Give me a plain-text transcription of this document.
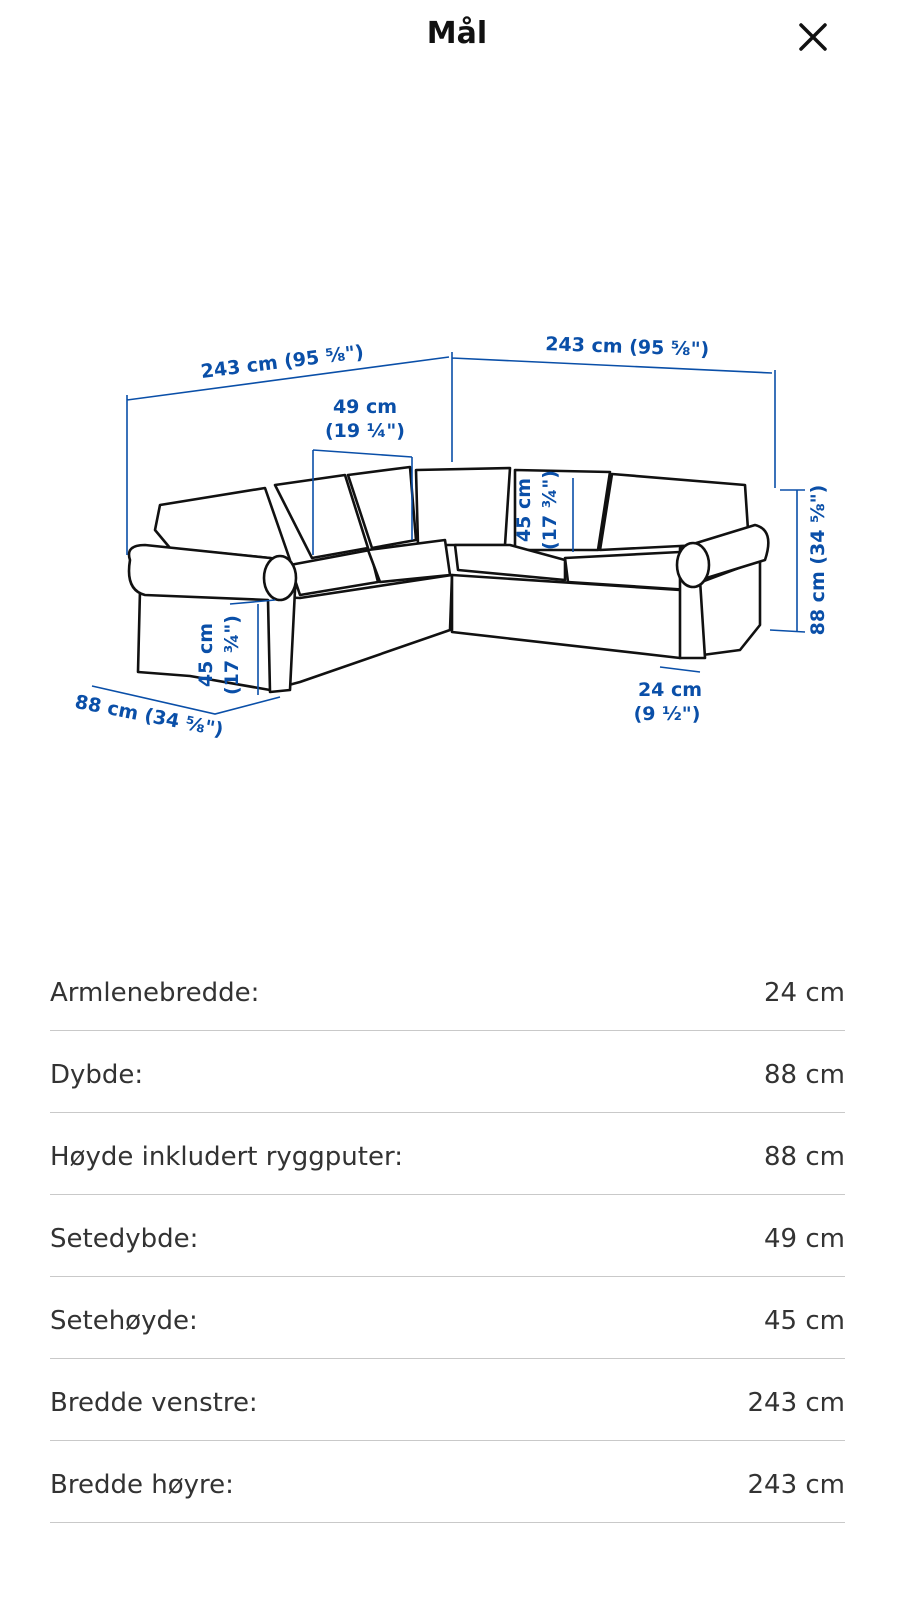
Mål
243 cm (95 ⅝")	243 cm (95 ⅝")
49 cm
(19 ¼")
45 cm (17 ¾")
45 cm (17 ¾")
88 cm (34 ⅝")
88 cm (34 ⅝")
24 cm
(9 ½")
Armlenebredde:	24 cm
Dybde:	88 cm
Høyde inkludert ryggputer:	88 cm
Setedybde:	49 cm
Setehøyde:	45 cm
Bredde venstre:	243 cm
Bredde høyre:	243 cm
